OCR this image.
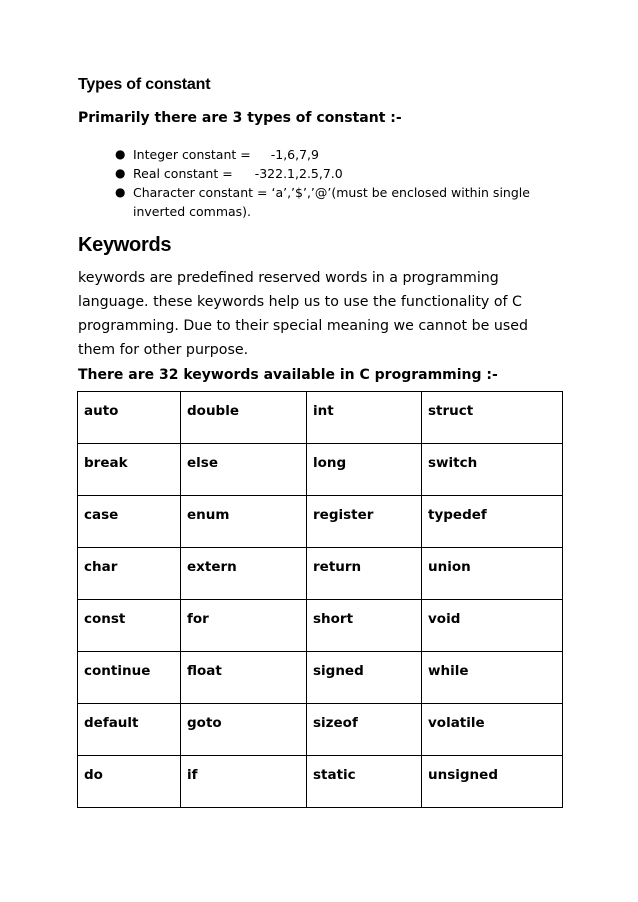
Types of constant

Primarily there are 3 types of constant :-

● Integer constant = -1,6,7,9
● Real constant = -322.1,2.5,7.0
● Character constant = ‘a’,’$’,’@’(must be enclosed within single
inverted commas).
Keywords

keywords are predefined reserved words in a programming language. these keywords help us to use the functionality of C programming. Due to their special meaning we cannot be used them for other purpose.

There are 32 keywords available in C programming :-

auto	double	int	struct

break	else	long	switch

case	enum	register	typedef

char	extern	return	union

const	for	short	void

continue	float	signed	while

default	goto	sizeof	volatile

do	if	static	unsigned
